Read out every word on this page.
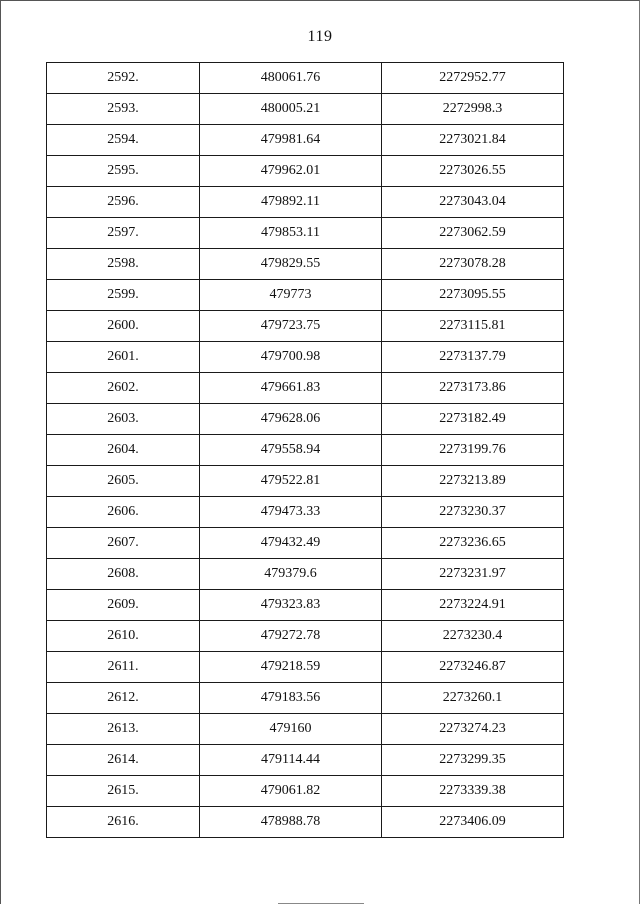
119
2592.	480061.76	2272952.77
2593.	480005.21	2272998.3
2594.	479981.64	2273021.84
2595.	479962.01	2273026.55
2596.	479892.11	2273043.04
2597.	479853.11	2273062.59
2598.	479829.55	2273078.28
2599.	479773	2273095.55
2600.	479723.75	2273115.81
2601.	479700.98	2273137.79
2602.	479661.83	2273173.86
2603.	479628.06	2273182.49
2604.	479558.94	2273199.76
2605.	479522.81	2273213.89
2606.	479473.33	2273230.37
2607.	479432.49	2273236.65
2608.	479379.6	2273231.97
2609.	479323.83	2273224.91
2610.	479272.78	2273230.4
2611.	479218.59	2273246.87
2612.	479183.56	2273260.1
2613.	479160	2273274.23
2614.	479114.44	2273299.35
2615.	479061.82	2273339.38
2616.	478988.78	2273406.09
